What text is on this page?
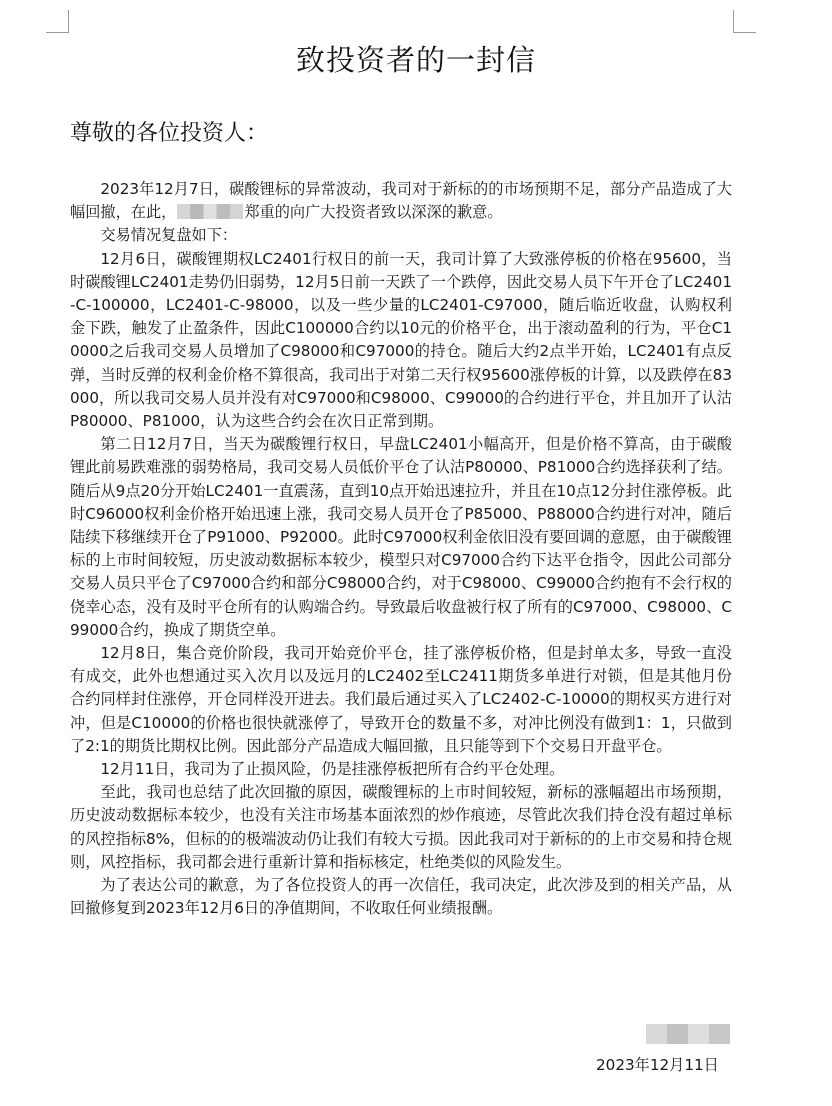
致投资者的一封信
尊敬的各位投资人：

2023年12月7日，碳酸锂标的异常波动，我司对于新标的的市场预期不足，部分产品造成了大幅回撤，在此，	郑重的向广大投资者致以深深的歉意。

交易情况复盘如下：

12月6日，碳酸锂期权LC2401行权日的前一天，我司计算了大致涨停板的价格在95600，当时碳酸锂LC2401走势仍旧弱势，12月5日前一天跌了一个跌停，因此交易人员下午开仓了LC2401-C-100000，LC2401-C-98000，以及一些少量的LC2401-C97000，随后临近收盘，认购权利金下跌，触发了止盈条件，因此C100000合约以10元的价格平仓，出于滚动盈利的行为，平仓C10000之后我司交易人员增加了C98000和C97000的持仓。随后大约2点半开始，LC2401有点反弹，当时反弹的权利金价格不算很高，我司出于对第二天行权95600涨停板的计算，以及跌停在83000，所以我司交易人员并没有对C97000和C98000、C99000的合约进行平仓，并且加开了认沽P80000、P81000，认为这些合约会在次日正常到期。

第二日12月7日，当天为碳酸锂行权日，早盘LC2401小幅高开，但是价格不算高，由于碳酸锂此前易跌难涨的弱势格局，我司交易人员低价平仓了认沽P80000、P81000合约选择获利了结。随后从9点20分开始LC2401一直震荡，直到10点开始迅速拉升，并且在10点12分封住涨停板。此时C96000权利金价格开始迅速上涨，我司交易人员开仓了P85000、P88000合约进行对冲，随后陆续下移继续开仓了P91000、P92000。此时C97000权利金依旧没有要回调的意愿，由于碳酸锂标的上市时间较短，历史波动数据标本较少，模型只对C97000合约下达平仓指令，因此公司部分交易人员只平仓了C97000合约和部分C98000合约，对于C98000、C99000合约抱有不会行权的侥幸心态，没有及时平仓所有的认购端合约。导致最后收盘被行权了所有的C97000、C98000、C99000合约，换成了期货空单。

12月8日，集合竞价阶段，我司开始竞价平仓，挂了涨停板价格，但是封单太多，导致一直没有成交，此外也想通过买入次月以及远月的LC2402至LC2411期货多单进行对锁，但是其他月份合约同样封住涨停，开仓同样没开进去。我们最后通过买入了LC2402-C-10000的期权买方进行对冲，但是C10000的价格也很快就涨停了，导致开仓的数量不多，对冲比例没有做到1：1，只做到了2:1的期货比期权比例。因此部分产品造成大幅回撤，且只能等到下个交易日开盘平仓。

12月11日，我司为了止损风险，仍是挂涨停板把所有合约平仓处理。

至此，我司也总结了此次回撤的原因，碳酸锂标的上市时间较短，新标的涨幅超出市场预期，历史波动数据标本较少，也没有关注市场基本面浓烈的炒作痕迹，尽管此次我们持仓没有超过单标的风控指标8%，但标的的极端波动仍让我们有较大亏损。因此我司对于新标的的上市交易和持仓规则，风控指标，我司都会进行重新计算和指标核定，杜绝类似的风险发生。

为了表达公司的歉意，为了各位投资人的再一次信任，我司决定，此次涉及到的相关产品，从回撤修复到2023年12月6日的净值期间，不收取任何业绩报酬。

2023年12月11日
